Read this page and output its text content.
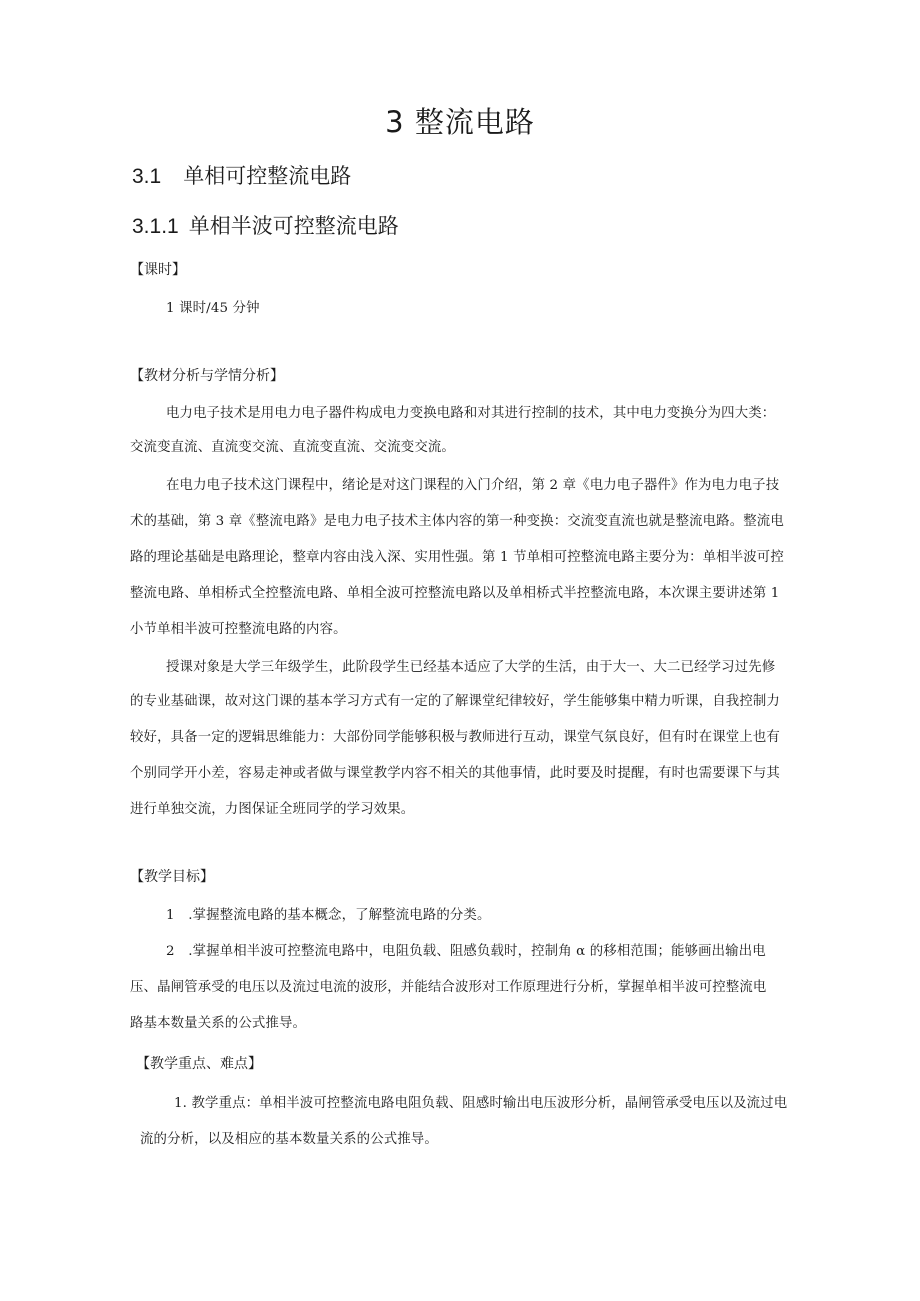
3 整流电路
3.1 单相可控整流电路
3.1.1 单相半波可控整流电路
【课时】
1 课时/45 分钟
【教材分析与学情分析】
电力电子技术是用电力电子器件构成电力变换电路和对其进行控制的技术，其中电力变换分为四大类：
交流变直流、直流变交流、直流变直流、交流变交流。
在电力电子技术这门课程中，绪论是对这门课程的入门介绍，第 2 章《电力电子器件》作为电力电子技
术的基础，第 3 章《整流电路》是电力电子技术主体内容的第一种变换：交流变直流也就是整流电路。整流电
路的理论基础是电路理论，整章内容由浅入深、实用性强。第 1 节单相可控整流电路主要分为：单相半波可控
整流电路、单相桥式全控整流电路、单相全波可控整流电路以及单相桥式半控整流电路，本次课主要讲述第 1
小节单相半波可控整流电路的内容。
授课对象是大学三年级学生，此阶段学生已经基本适应了大学的生活，由于大一、大二已经学习过先修
的专业基础课，故对这门课的基本学习方式有一定的了解课堂纪律较好，学生能够集中精力听课，自我控制力
较好，具备一定的逻辑思维能力：大部份同学能够积极与教师进行互动，课堂气氛良好，但有时在课堂上也有
个别同学开小差，容易走神或者做与课堂教学内容不相关的其他事情，此时要及时提醒，有时也需要课下与其
进行单独交流，力图保证全班同学的学习效果。
【教学目标】
1　.掌握整流电路的基本概念，了解整流电路的分类。
2　.掌握单相半波可控整流电路中，电阻负载、阻感负载时，控制角 α 的移相范围；能够画出输出电
压、晶闸管承受的电压以及流过电流的波形，并能结合波形对工作原理进行分析，掌握单相半波可控整流电
路基本数量关系的公式推导。
【教学重点、难点】
1. 教学重点：单相半波可控整流电路电阻负载、阻感时输出电压波形分析，晶闸管承受电压以及流过电
流的分析，以及相应的基本数量关系的公式推导。
